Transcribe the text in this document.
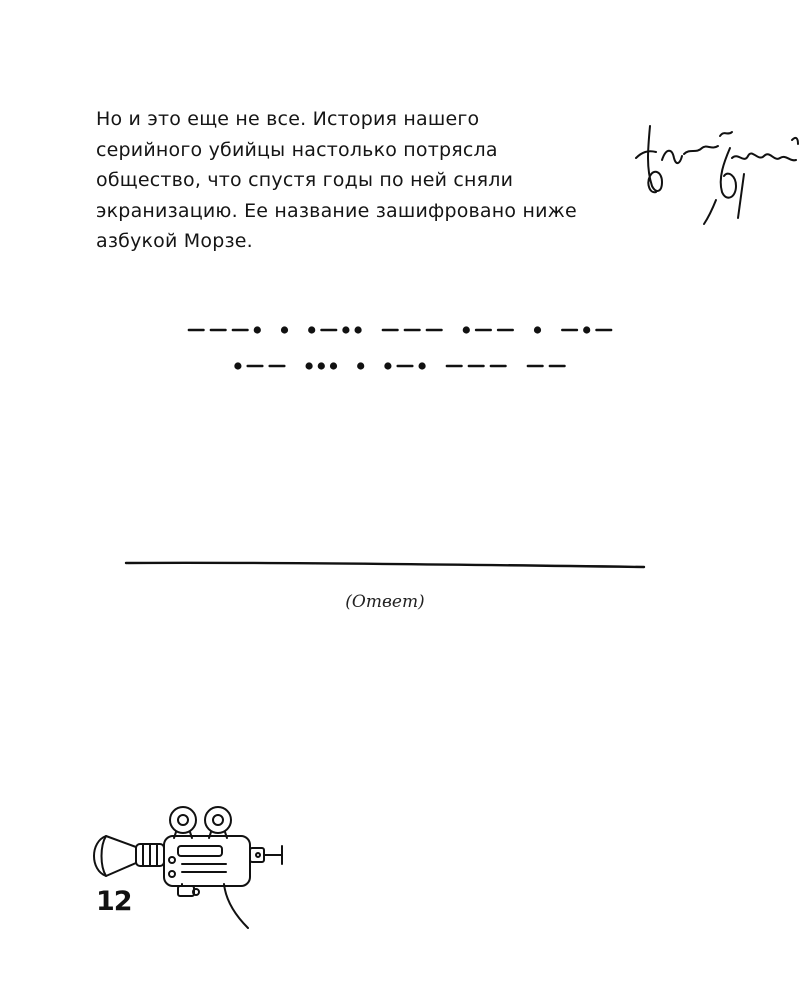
Но и это еще не все. История нашего
серийного убийцы настолько потрясла
общество, что спустя годы по ней сняли
экранизацию. Ее название зашифровано ниже
азбукой Морзе.
(Ответ)
12
